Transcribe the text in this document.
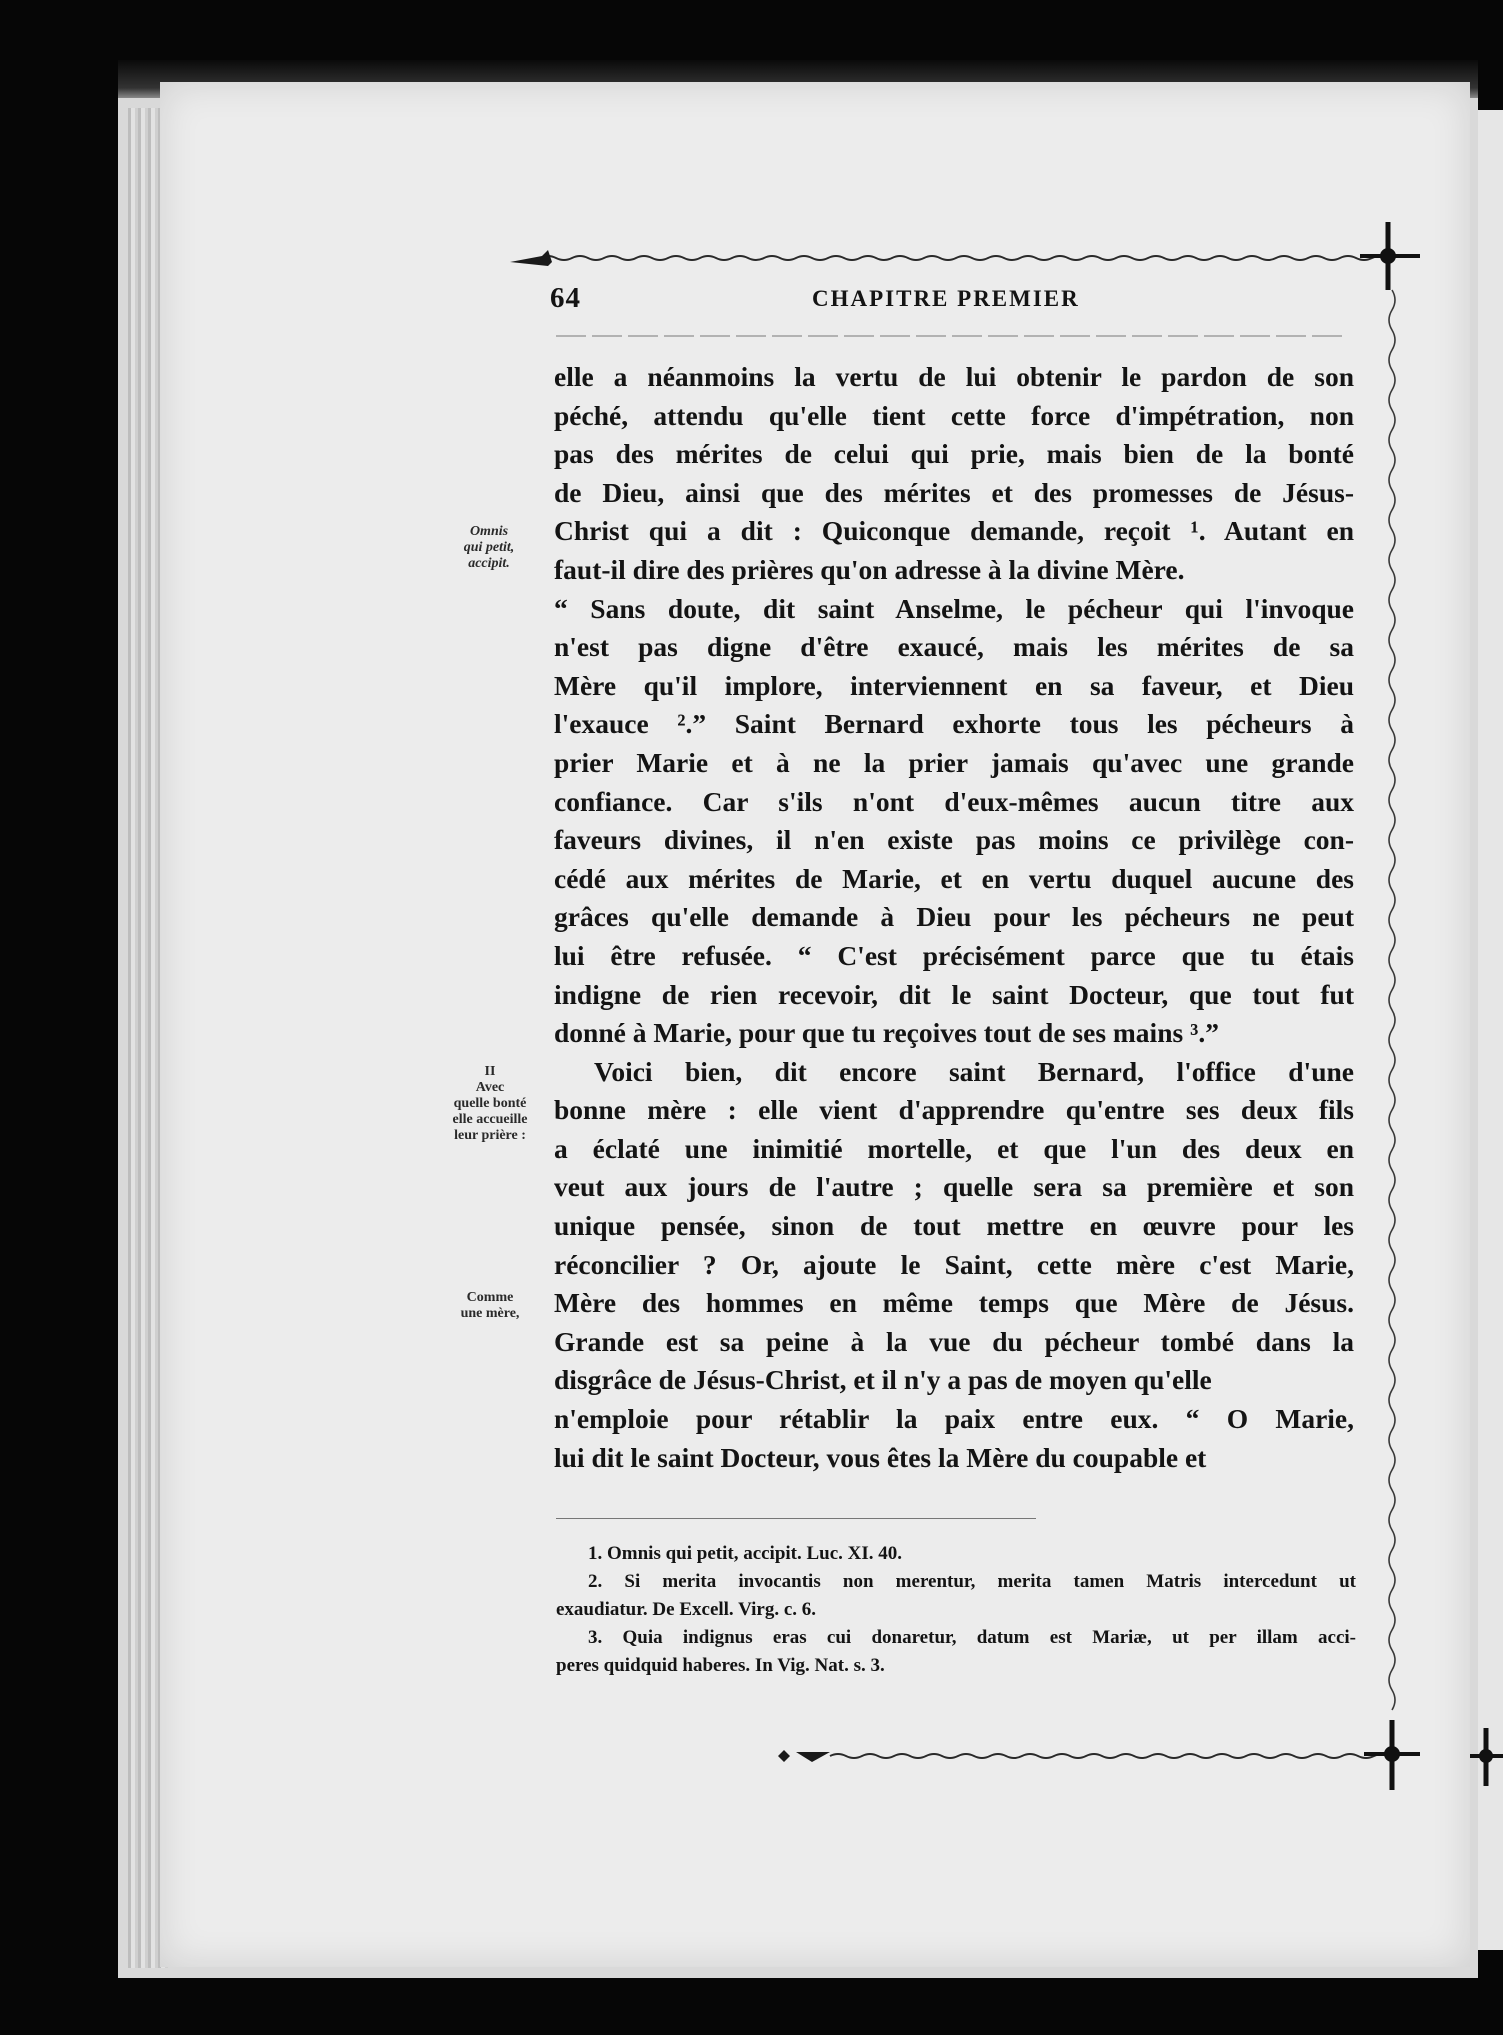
64	CHAPITRE PREMIER
elle a néanmoins la vertu de lui obtenir le pardon de son
péché, attendu qu'elle tient cette force d'impétration, non
pas des mérites de celui qui prie, mais bien de la bonté
de Dieu, ainsi que des mérites et des promesses de Jésus-
Christ qui a dit : Quiconque demande, reçoit ¹. Autant en
faut-il dire des prières qu'on adresse à la divine Mère.
“ Sans doute, dit saint Anselme, le pécheur qui l'invoque
n'est pas digne d'être exaucé, mais les mérites de sa
Mère qu'il implore, interviennent en sa faveur, et Dieu
l'exauce ².” Saint Bernard exhorte tous les pécheurs à
prier Marie et à ne la prier jamais qu'avec une grande
confiance. Car s'ils n'ont d'eux-mêmes aucun titre aux
faveurs divines, il n'en existe pas moins ce privilège con-
cédé aux mérites de Marie, et en vertu duquel aucune des
grâces qu'elle demande à Dieu pour les pécheurs ne peut
lui être refusée. “ C'est précisément parce que tu étais
indigne de rien recevoir, dit le saint Docteur, que tout fut
donné à Marie, pour que tu reçoives tout de ses mains ³.”
Voici bien, dit encore saint Bernard, l'office d'une
bonne mère : elle vient d'apprendre qu'entre ses deux fils
a éclaté une inimitié mortelle, et que l'un des deux en
veut aux jours de l'autre ; quelle sera sa première et son
unique pensée, sinon de tout mettre en œuvre pour les
réconcilier ? Or, ajoute le Saint, cette mère c'est Marie,
Mère des hommes en même temps que Mère de Jésus.
Grande est sa peine à la vue du pécheur tombé dans la
disgrâce de Jésus-Christ, et il n'y a pas de moyen qu'elle
n'emploie pour rétablir la paix entre eux. “ O Marie,
lui dit le saint Docteur, vous êtes la Mère du coupable et
Omnis
qui petit,
accipit.
II
Avec
quelle bonté
elle accueille
leur prière :
Comme
une mère,
1. Omnis qui petit, accipit. Luc. XI. 40.
2. Si merita invocantis non merentur, merita tamen Matris intercedunt ut
exaudiatur. De Excell. Virg. c. 6.
3. Quia indignus eras cui donaretur, datum est Mariæ, ut per illam acci-
peres quidquid haberes. In Vig. Nat. s. 3.
